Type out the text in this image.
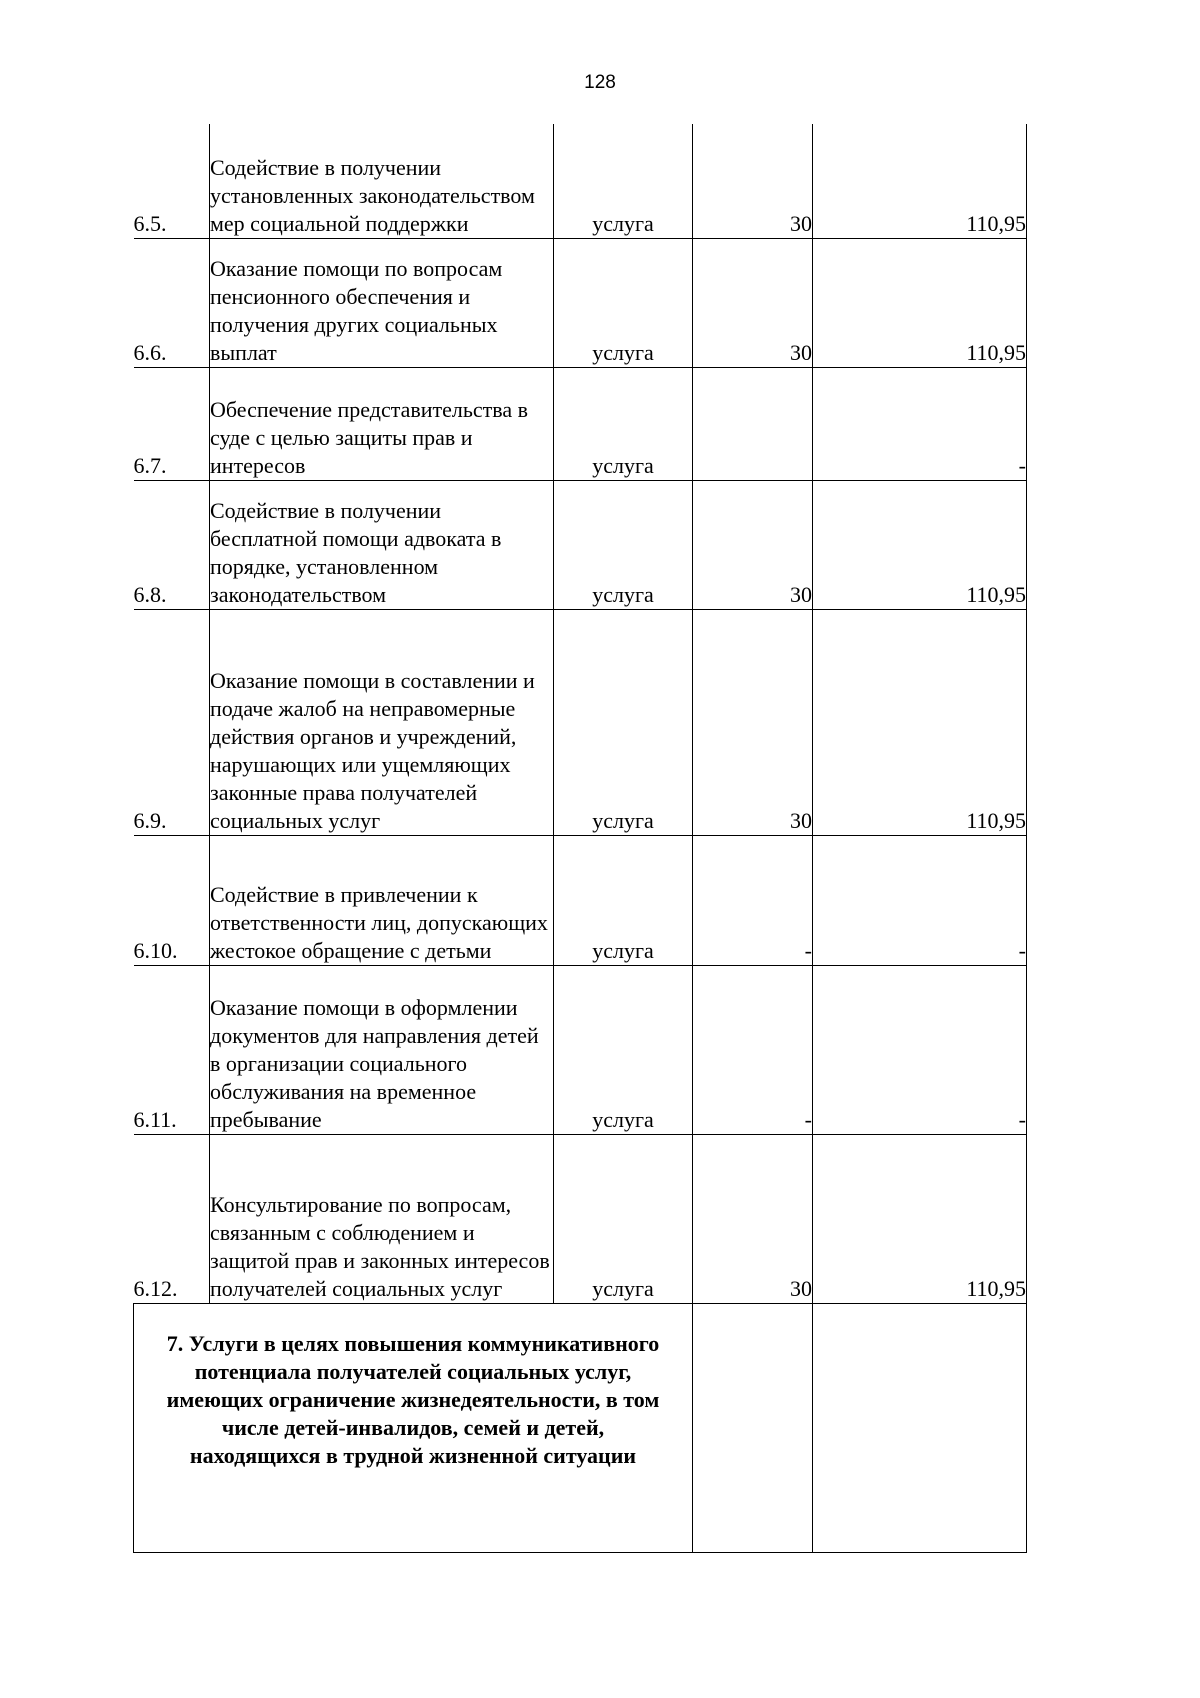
128
6.5.	Содействие в получении установленных законодательством мер социальной поддержки	услуга	30	110,95
6.6.	Оказание помощи по вопросам пенсионного обеспечения и получения других социальных выплат	услуга	30	110,95
6.7.	Обеспечение представительства в суде с целью защиты прав и интересов	услуга		-
6.8.	Содействие в получении бесплатной помощи адвоката в порядке, установленном законодательством	услуга	30	110,95
6.9.	Оказание помощи в составлении и подаче жалоб на неправомерные действия органов и учреждений, нарушающих или ущемляющих законные права получателей социальных услуг	услуга	30	110,95
6.10.	Содействие в привлечении к ответственности лиц, допускающих жестокое обращение с детьми	услуга	-	-
6.11.	Оказание помощи в оформлении документов для направления детей в организации социального обслуживания на временное пребывание	услуга	-	-
6.12.	Консультирование по вопросам, связанным с соблюдением и защитой прав и законных интересов получателей социальных услуг	услуга	30	110,95
7. Услуги в целях повышения коммуникативного потенциала получателей социальных услуг, имеющих ограничение жизнедеятельности, в том числе детей-инвалидов, семей и детей, находящихся в трудной жизненной ситуации				
